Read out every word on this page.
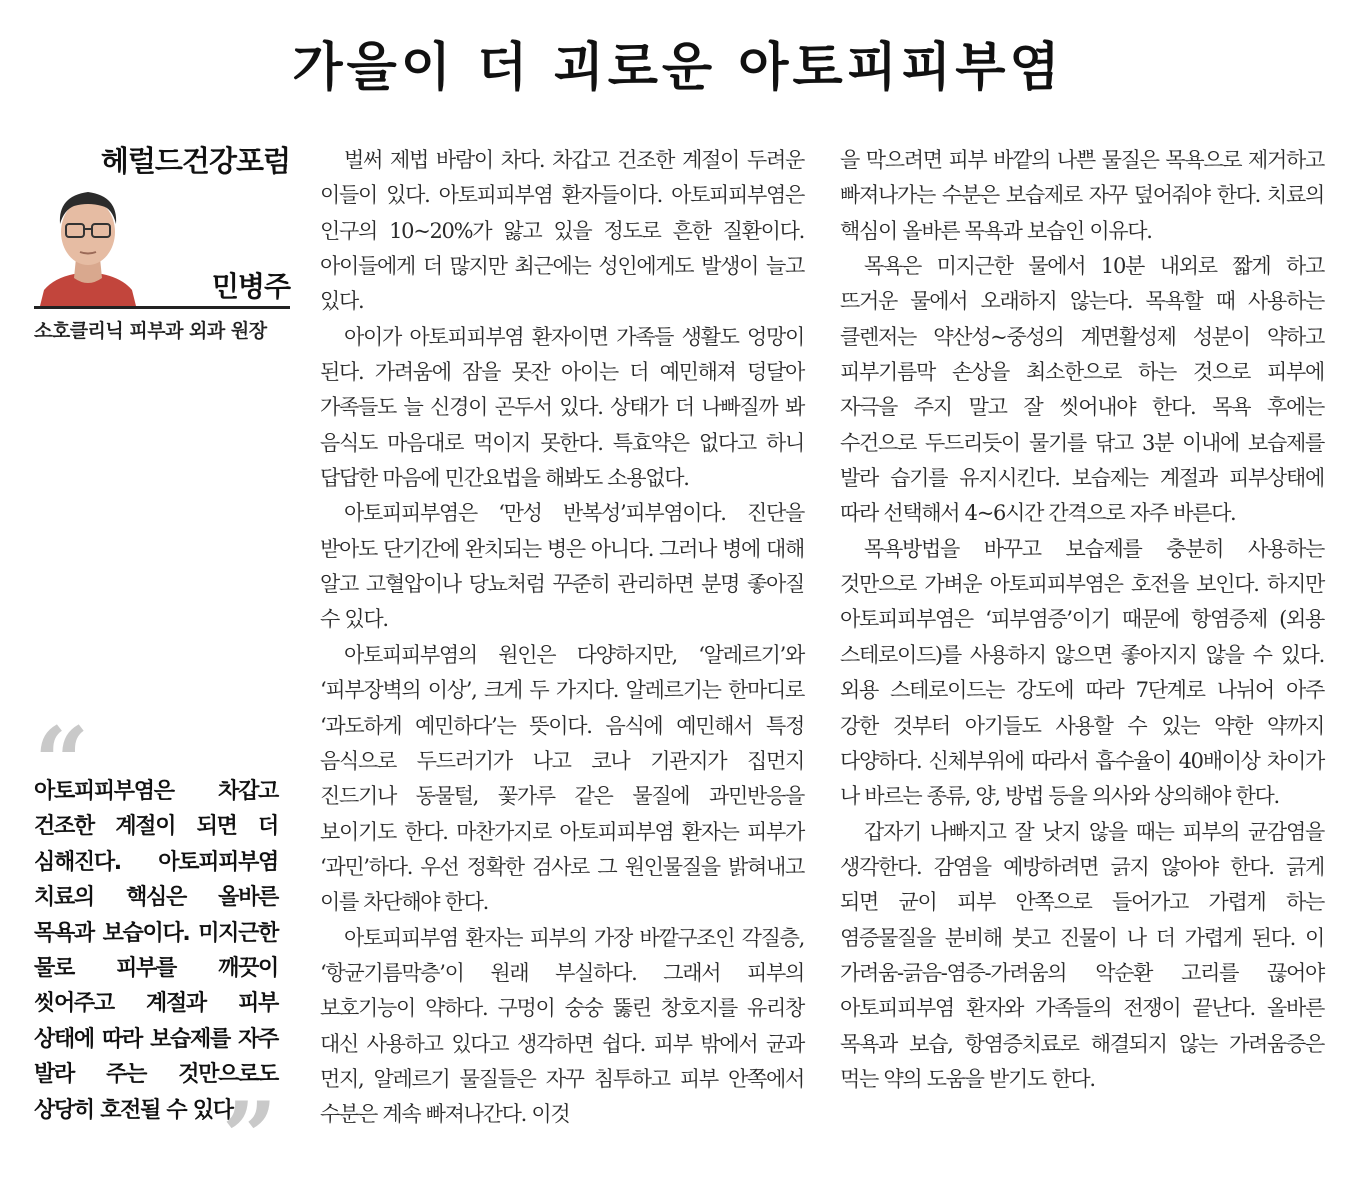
가을이 더 괴로운 아토피피부염

헤럴드건강포럼

민병주

소호클리닉 피부과 외과 원장
“

아토피피부염은 차갑고 건조한 계절이 되면 더 심해진다. 아토피피부염 치료의 핵심은 올바른 목욕과 보습이다. 미지근한 물로 피부를 깨끗이 씻어주고 계절과 피부 상태에 따라 보습제를 자주 발라 주는 것만으로도 상당히 호전될 수 있다.

”

벌써 제법 바람이 차다. 차갑고 건조한 계절이 두려운 이들이 있다. 아토피피부염 환자들이다. 아토피피부염은 인구의 10~20%가 앓고 있을 정도로 흔한 질환이다. 아이들에게 더 많지만 최근에는 성인에게도 발생이 늘고 있다.

아이가 아토피피부염 환자이면 가족들 생활도 엉망이 된다. 가려움에 잠을 못잔 아이는 더 예민해져 덩달아 가족들도 늘 신경이 곤두서 있다. 상태가 더 나빠질까 봐 음식도 마음대로 먹이지 못한다. 특효약은 없다고 하니 답답한 마음에 민간요법을 해봐도 소용없다.

아토피피부염은 ‘만성 반복성’피부염이다. 진단을 받아도 단기간에 완치되는 병은 아니다. 그러나 병에 대해 알고 고혈압이나 당뇨처럼 꾸준히 관리하면 분명 좋아질 수 있다.

아토피피부염의 원인은 다양하지만, ‘알레르기’와 ‘피부장벽의 이상’, 크게 두 가지다. 알레르기는 한마디로 ‘과도하게 예민하다’는 뜻이다. 음식에 예민해서 특정 음식으로 두드러기가 나고 코나 기관지가 집먼지 진드기나 동물털, 꽃가루 같은 물질에 과민반응을 보이기도 한다. 마찬가지로 아토피피부염 환자는 피부가 ‘과민’하다. 우선 정확한 검사로 그 원인물질을 밝혀내고 이를 차단해야 한다.

아토피피부염 환자는 피부의 가장 바깥구조인 각질층, ‘항균기름막층’이 원래 부실하다. 그래서 피부의 보호기능이 약하다. 구멍이 숭숭 뚫린 창호지를 유리창 대신 사용하고 있다고 생각하면 쉽다. 피부 밖에서 균과 먼지, 알레르기 물질들은 자꾸 침투하고 피부 안쪽에서 수분은 계속 빠져나간다. 이것

을 막으려면 피부 바깥의 나쁜 물질은 목욕으로 제거하고 빠져나가는 수분은 보습제로 자꾸 덮어줘야 한다. 치료의 핵심이 올바른 목욕과 보습인 이유다.

목욕은 미지근한 물에서 10분 내외로 짧게 하고 뜨거운 물에서 오래하지 않는다. 목욕할 때 사용하는 클렌저는 약산성~중성의 계면활성제 성분이 약하고 피부기름막 손상을 최소한으로 하는 것으로 피부에 자극을 주지 말고 잘 씻어내야 한다. 목욕 후에는 수건으로 두드리듯이 물기를 닦고 3분 이내에 보습제를 발라 습기를 유지시킨다. 보습제는 계절과 피부상태에 따라 선택해서 4~6시간 간격으로 자주 바른다.

목욕방법을 바꾸고 보습제를 충분히 사용하는 것만으로 가벼운 아토피피부염은 호전을 보인다. 하지만 아토피피부염은 ‘피부염증’이기 때문에 항염증제 (외용 스테로이드)를 사용하지 않으면 좋아지지 않을 수 있다. 외용 스테로이드는 강도에 따라 7단계로 나뉘어 아주 강한 것부터 아기들도 사용할 수 있는 약한 약까지 다양하다. 신체부위에 따라서 흡수율이 40배이상 차이가 나 바르는 종류, 양, 방법 등을 의사와 상의해야 한다.

갑자기 나빠지고 잘 낫지 않을 때는 피부의 균감염을 생각한다. 감염을 예방하려면 긁지 않아야 한다. 긁게 되면 균이 피부 안쪽으로 들어가고 가렵게 하는 염증물질을 분비해 붓고 진물이 나 더 가렵게 된다. 이 가려움-긁음-염증-가려움의 악순환 고리를 끊어야 아토피피부염 환자와 가족들의 전쟁이 끝난다. 올바른 목욕과 보습, 항염증치료로 해결되지 않는 가려움증은 먹는 약의 도움을 받기도 한다.
